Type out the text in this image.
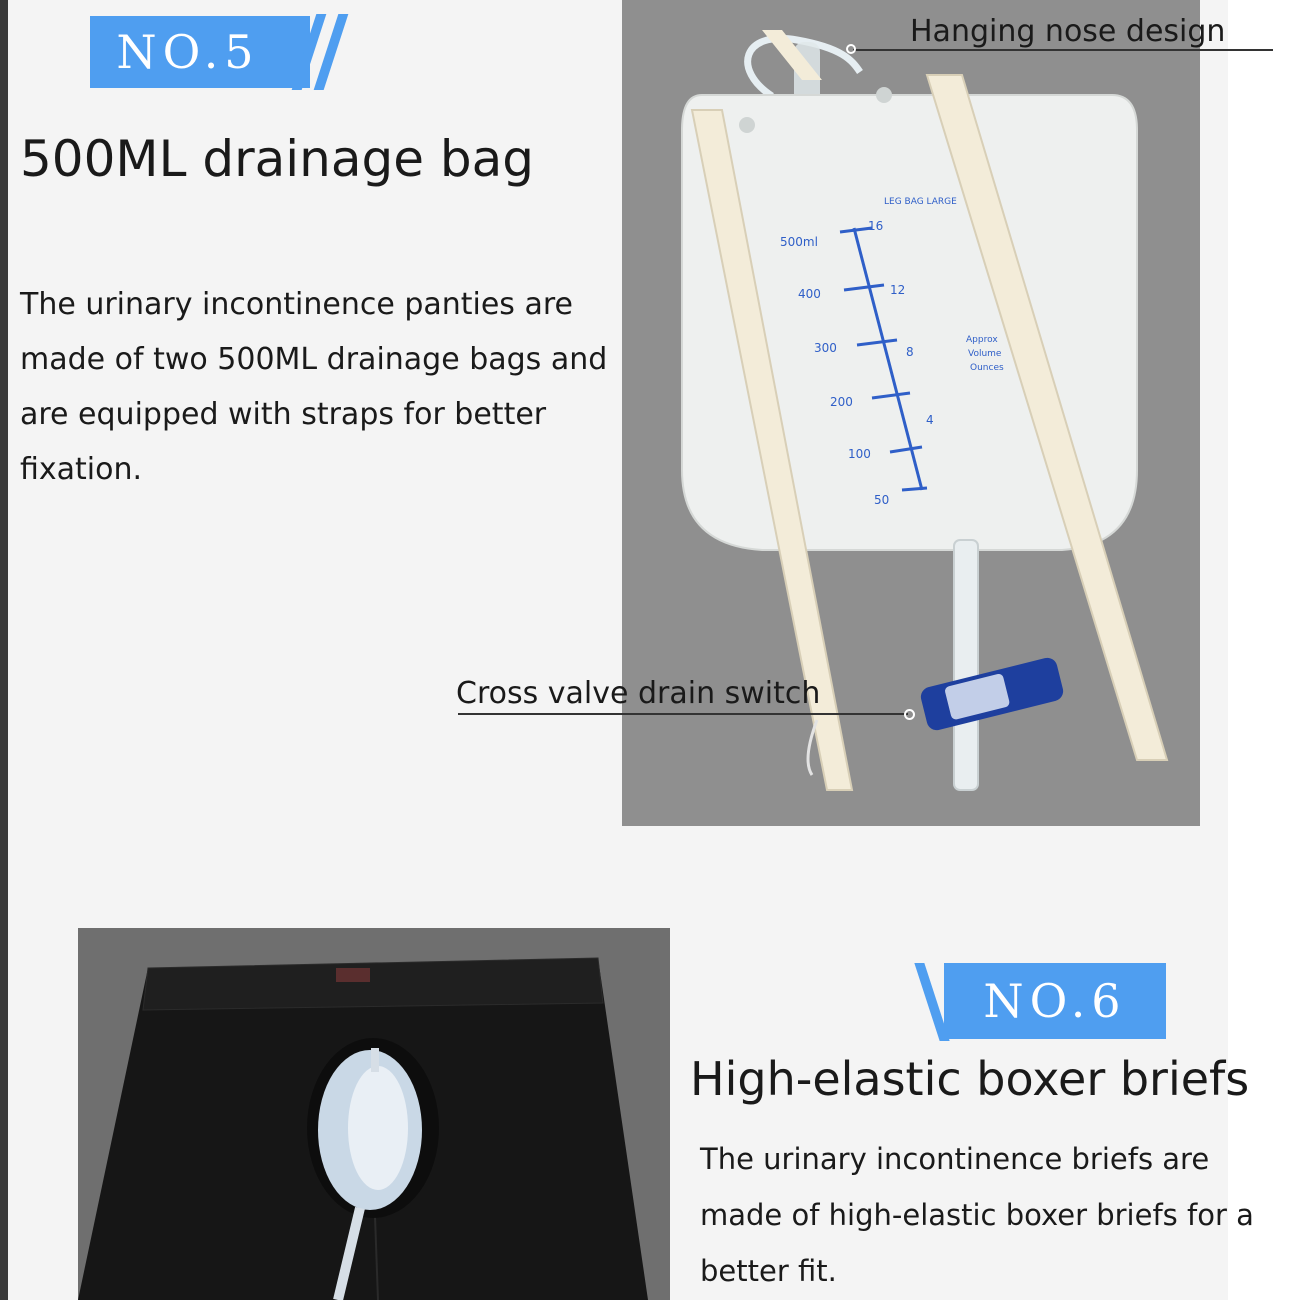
NO.5
500ML drainage bag
The urinary incontinence panties are made of two 500ML drainage bags and are equipped with straps for better fixation.
LEG BAG LARGE
500ml
400
300
200
100
50
16
12
8
4
Approx
Volume
Ounces
Hanging nose design
Cross valve drain switch
NO.6
High-elastic boxer briefs
The urinary incontinence briefs are made of high-elastic boxer briefs for a better fit.
